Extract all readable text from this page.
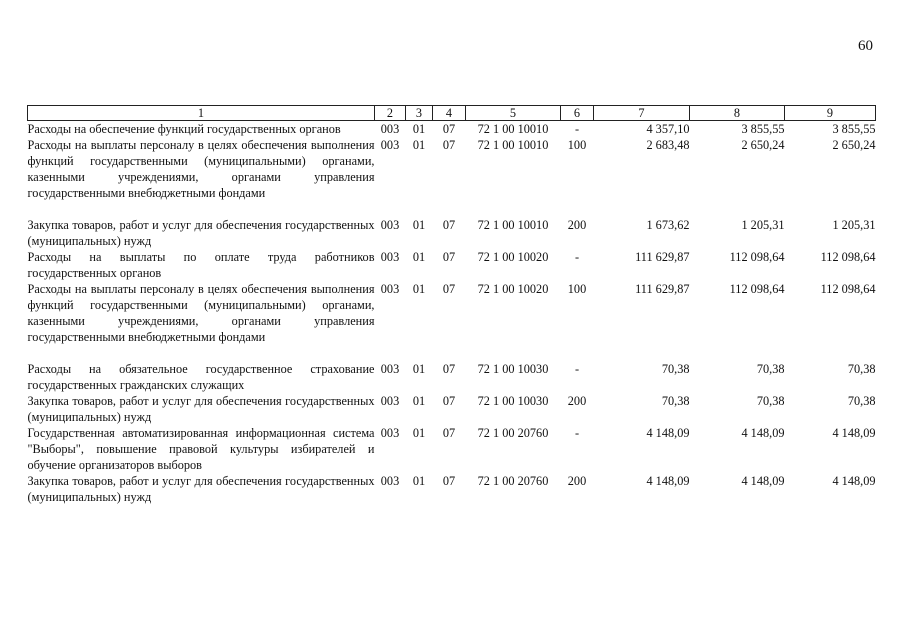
60
1	2	3	4	5	6	7	8	9
Расходы на обеспечение функций государственных органов	003	01	07	72 1 00 10010	-	4 357,10	3 855,55	3 855,55
Расходы на выплаты персоналу в целях обеспечения выполнения функций государственными (муниципальными) органами, казенными учреждениями, органами управления государственными внебюджетными фондами	003	01	07	72 1 00 10010	100	2 683,48	2 650,24	2 650,24
Закупка товаров, работ и услуг для обеспечения государственных (муниципальных) нужд	003	01	07	72 1 00 10010	200	1 673,62	1 205,31	1 205,31
Расходы на выплаты по оплате труда работников государственных органов	003	01	07	72 1 00 10020	-	111 629,87	112 098,64	112 098,64
Расходы на выплаты персоналу в целях обеспечения выполнения функций государственными (муниципальными) органами, казенными учреждениями, органами управления государственными внебюджетными фондами	003	01	07	72 1 00 10020	100	111 629,87	112 098,64	112 098,64
Расходы на обязательное государственное страхование государственных гражданских служащих	003	01	07	72 1 00 10030	-	70,38	70,38	70,38
Закупка товаров, работ и услуг для обеспечения государственных (муниципальных) нужд	003	01	07	72 1 00 10030	200	70,38	70,38	70,38
Государственная автоматизированная информационная система "Выборы", повышение правовой культуры избирателей и обучение организаторов выборов	003	01	07	72 1 00 20760	-	4 148,09	4 148,09	4 148,09
Закупка товаров, работ и услуг для обеспечения государственных (муниципальных) нужд	003	01	07	72 1 00 20760	200	4 148,09	4 148,09	4 148,09
